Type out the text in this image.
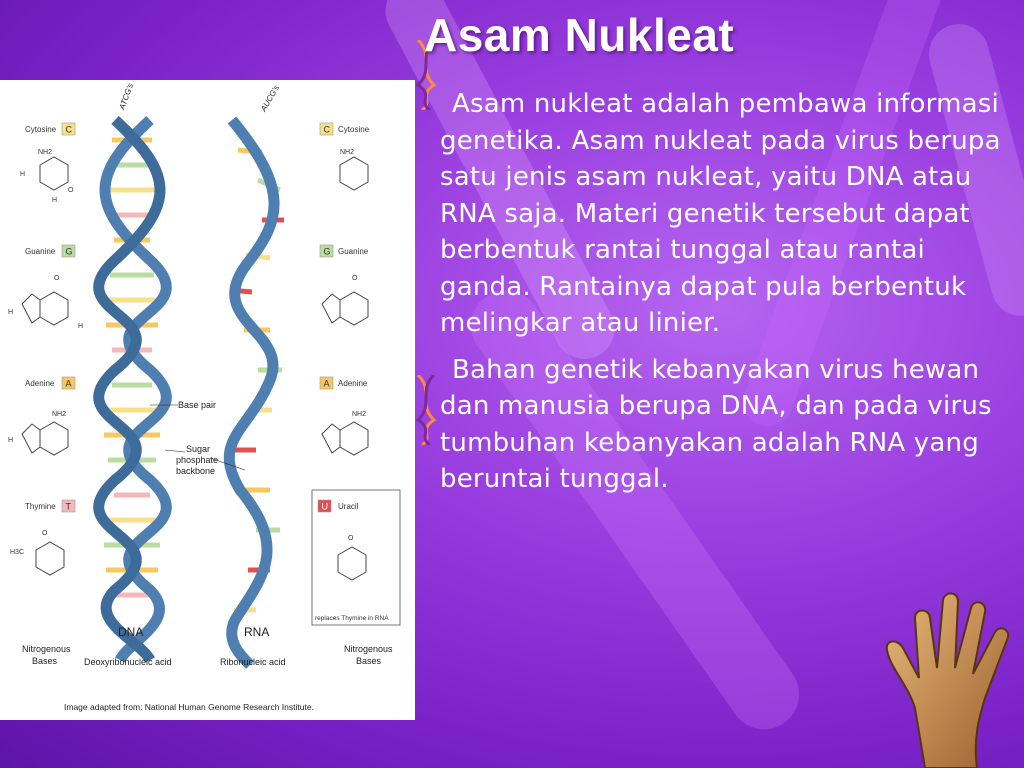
Asam Nukleat
Cytosine C
Guanine G
Adenine A
Thymine T
C Cytosine
G Guanine
A Adenine
U Uracil
replaces Thymine in RNA
NH2
H
O
H
O
H
H
NH2
H
H3C
O
NH2
O
NH2
O
ATCG's	AUCG's
Base pair
Sugar
phosphate
backbone
DNA	RNA
Deoxyribonucleic acid	Ribonucleic acid
Nitrogenous
Bases
Nitrogenous
Bases
Image adapted from: National Human Genome Research Institute.

Asam nukleat adalah pembawa informasi genetika. Asam nukleat pada virus berupa satu jenis asam nukleat, yaitu DNA atau RNA saja. Materi genetik tersebut dapat berbentuk rantai tunggal atau rantai ganda. Rantainya dapat pula berbentuk melingkar atau linier.

Bahan genetik kebanyakan virus hewan dan manusia berupa DNA, dan pada virus tumbuhan kebanyakan adalah RNA yang beruntai tunggal.
